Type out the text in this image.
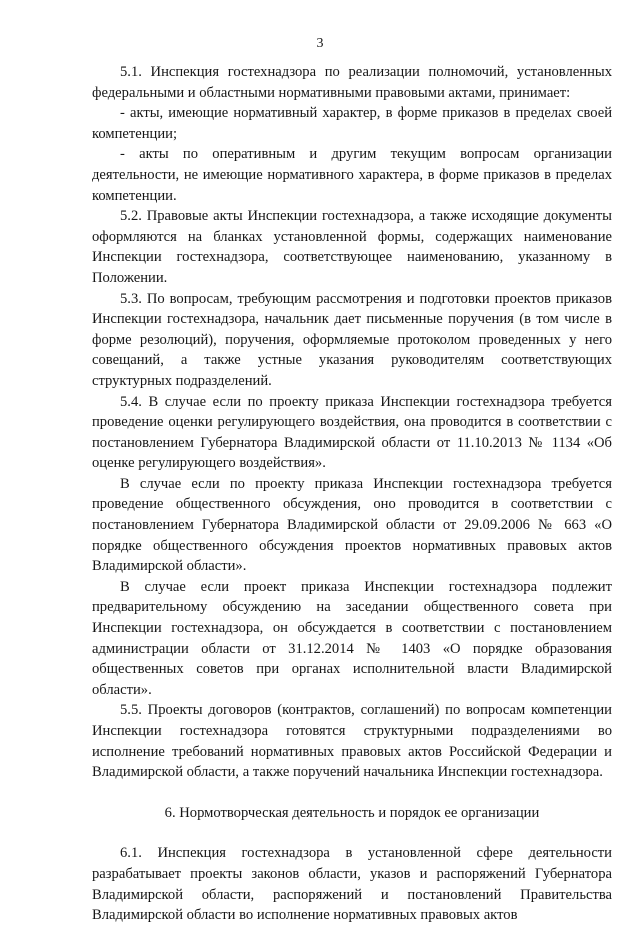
3

5.1. Инспекция гостехнадзора по реализации полномочий, установленных федеральными и областными нормативными правовыми актами, принимает:

- акты, имеющие нормативный характер, в форме приказов в пределах своей компетенции;

- акты по оперативным и другим текущим вопросам организации деятельности, не имеющие нормативного характера, в форме приказов в пределах компетенции.

5.2. Правовые акты Инспекции гостехнадзора, а также исходящие документы оформляются на бланках установленной формы, содержащих наименование Инспекции гостехнадзора, соответствующее наименованию, указанному в Положении.

5.3. По вопросам, требующим рассмотрения и подготовки проектов приказов Инспекции гостехнадзора, начальник дает письменные поручения (в том числе в форме резолюций), поручения, оформляемые протоколом проведенных у него совещаний, а также устные указания руководителям соответствующих структурных подразделений.

5.4. В случае если по проекту приказа Инспекции гостехнадзора требуется проведение оценки регулирующего воздействия, она проводится в соответствии с постановлением Губернатора Владимирской области от 11.10.2013 № 1134 «Об оценке регулирующего воздействия».

В случае если по проекту приказа Инспекции гостехнадзора требуется проведение общественного обсуждения, оно проводится в соответствии с постановлением Губернатора Владимирской области от 29.09.2006 № 663 «О порядке общественного обсуждения проектов нормативных правовых актов Владимирской области».

В случае если проект приказа Инспекции гостехнадзора подлежит предварительному обсуждению на заседании общественного совета при Инспекции гостехнадзора, он обсуждается в соответствии с постановлением администрации области от 31.12.2014 № 1403 «О порядке образования общественных советов при органах исполнительной власти Владимирской области».

5.5. Проекты договоров (контрактов, соглашений) по вопросам компетенции Инспекции гостехнадзора готовятся структурными подразделениями во исполнение требований нормативных правовых актов Российской Федерации и Владимирской области, а также поручений начальника Инспекции гостехнадзора.

6. Нормотворческая деятельность и порядок ее организации

6.1. Инспекция гостехнадзора в установленной сфере деятельности разрабатывает проекты законов области, указов и распоряжений Губернатора Владимирской области, распоряжений и постановлений Правительства Владимирской области во исполнение нормативных правовых актов
